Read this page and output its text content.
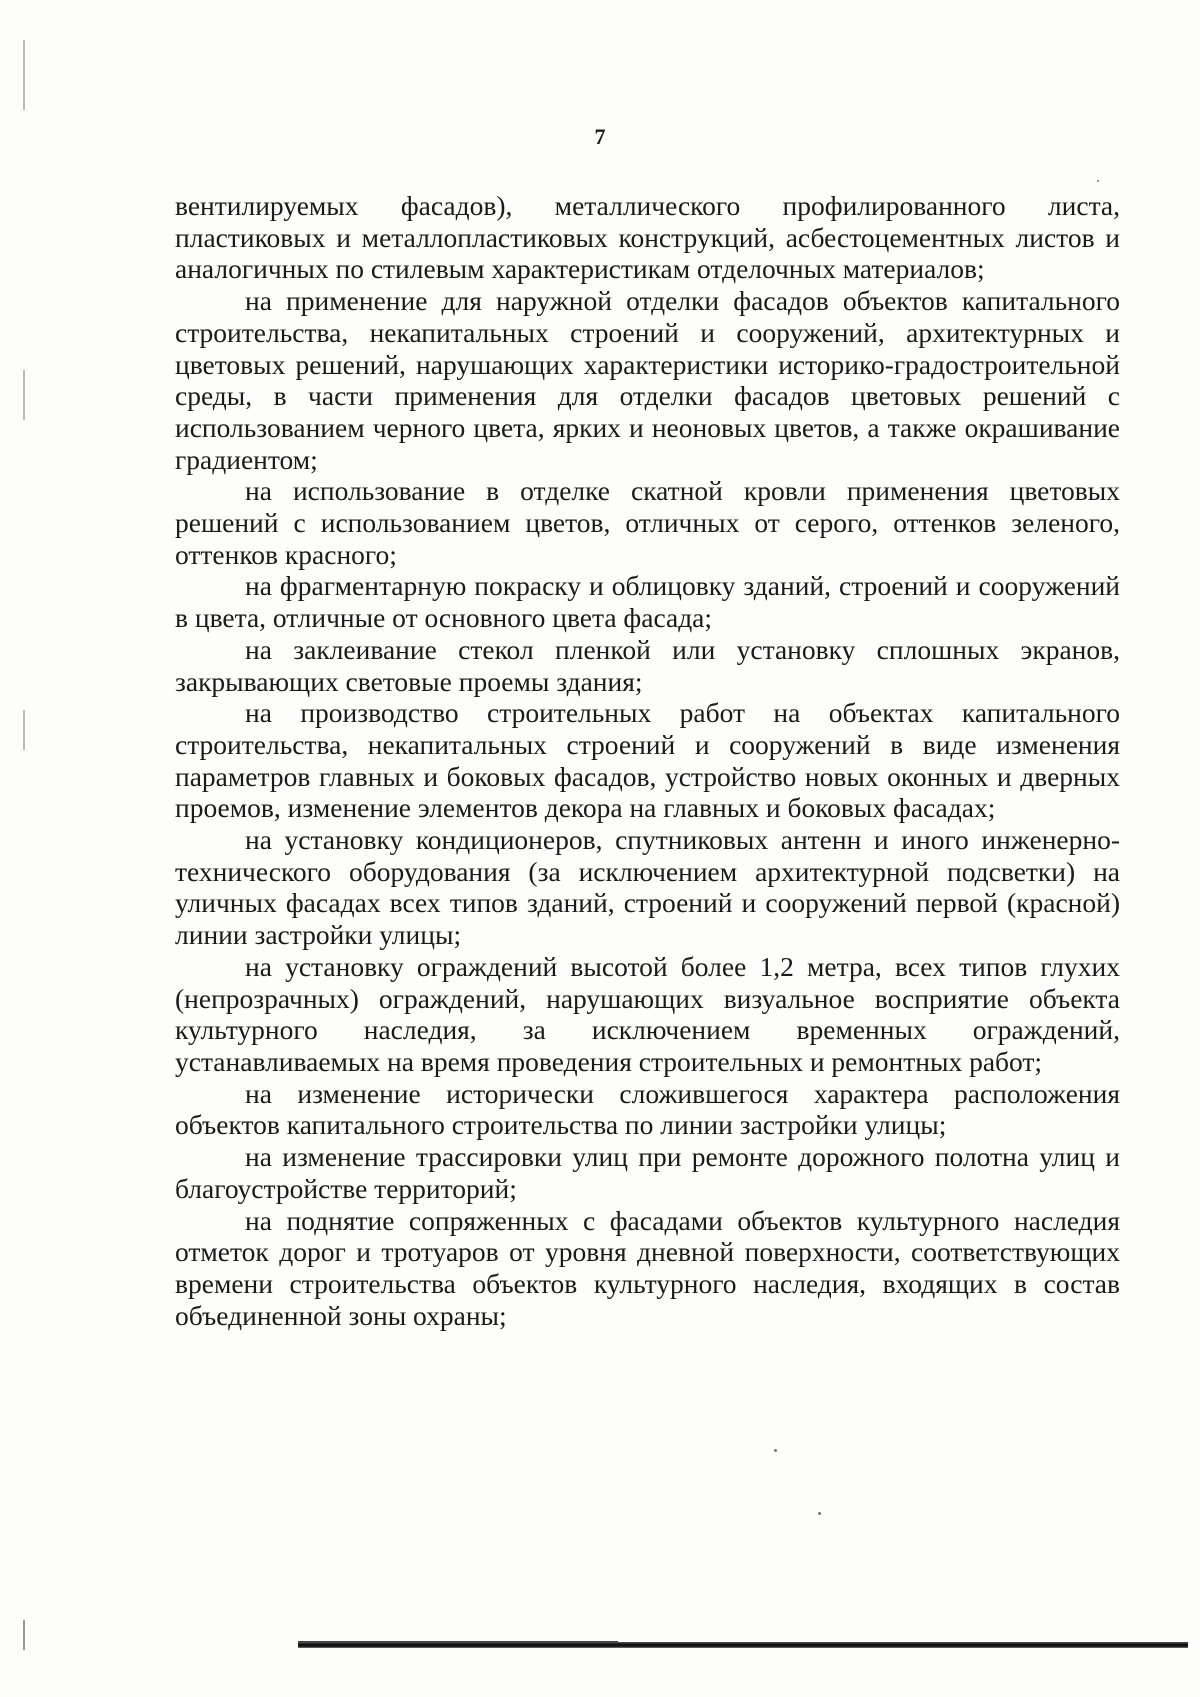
7

вентилируемых фасадов), металлического профилированного листа, пластиковых и металлопластиковых конструкций, асбестоцементных листов и аналогичных по стилевым характеристикам отделочных материалов;

на применение для наружной отделки фасадов объектов капитального строительства, некапитальных строений и сооружений, архитектурных и цветовых решений, нарушающих характеристики историко-градостроительной среды, в части применения для отделки фасадов цветовых решений с использованием черного цвета, ярких и неоновых цветов, а также окрашивание градиентом;

на использование в отделке скатной кровли применения цветовых решений с использованием цветов, отличных от серого, оттенков зеленого, оттенков красного;

на фрагментарную покраску и облицовку зданий, строений и сооружений в цвета, отличные от основного цвета фасада;

на заклеивание стекол пленкой или установку сплошных экранов, закрывающих световые проемы здания;

на производство строительных работ на объектах капитального строительства, некапитальных строений и сооружений в виде изменения параметров главных и боковых фасадов, устройство новых оконных и дверных проемов, изменение элементов декора на главных и боковых фасадах;

на установку кондиционеров, спутниковых антенн и иного инженерно-технического оборудования (за исключением архитектурной подсветки) на уличных фасадах всех типов зданий, строений и сооружений первой (красной) линии застройки улицы;

на установку ограждений высотой более 1,2 метра, всех типов глухих (непрозрачных) ограждений, нарушающих визуальное восприятие объекта культурного наследия, за исключением временных ограждений, устанавливаемых на время проведения строительных и ремонтных работ;

на изменение исторически сложившегося характера расположения объектов капитального строительства по линии застройки улицы;

на изменение трассировки улиц при ремонте дорожного полотна улиц и благоустройстве территорий;

на поднятие сопряженных с фасадами объектов культурного наследия отметок дорог и тротуаров от уровня дневной поверхности, соответствующих времени строительства объектов культурного наследия, входящих в состав объединенной зоны охраны;
